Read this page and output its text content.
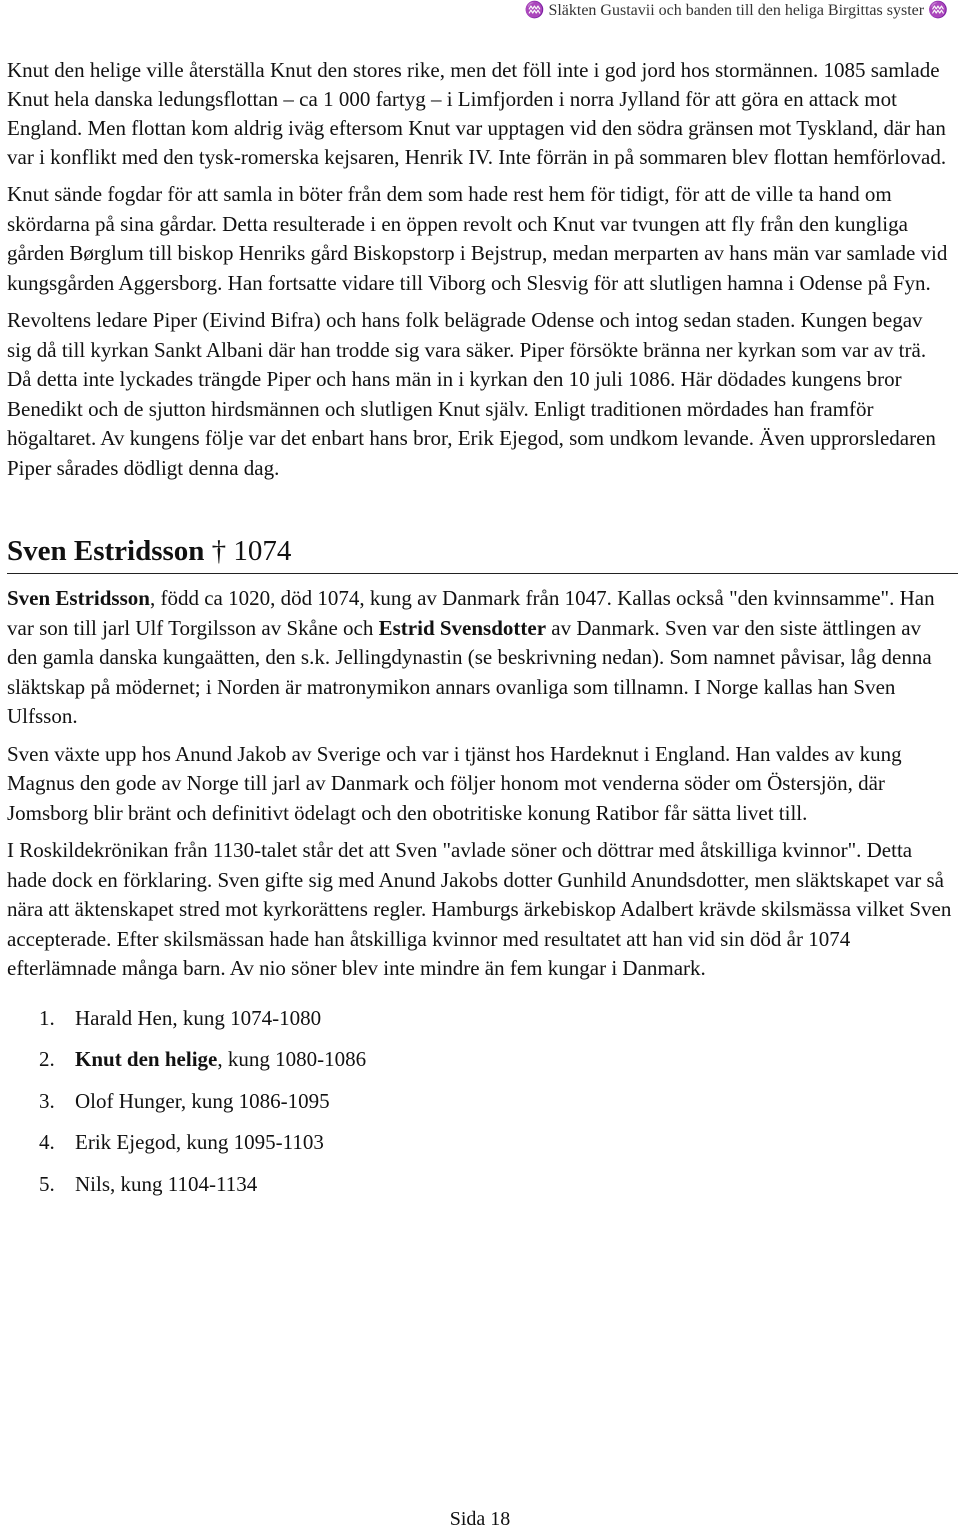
♒ Släkten Gustavii och banden till den heliga Birgittas syster ♒

Knut den helige ville återställa Knut den stores rike, men det föll inte i god jord hos stormännen. 1085 samlade Knut hela danska ledungsflottan – ca 1 000 fartyg – i Limfjorden i norra Jylland för att göra en attack mot England. Men flottan kom aldrig iväg eftersom Knut var upptagen vid den södra gränsen mot Tyskland, där han var i konflikt med den tysk-romerska kejsaren, Henrik IV. Inte förrän in på sommaren blev flottan hemförlovad.

Knut sände fogdar för att samla in böter från dem som hade rest hem för tidigt, för att de ville ta hand om skördarna på sina gårdar. Detta resulterade i en öppen revolt och Knut var tvungen att fly från den kungliga gården Børglum till biskop Henriks gård Biskopstorp i Bejstrup, medan merparten av hans män var samlade vid kungsgården Aggersborg. Han fortsatte vidare till Viborg och Slesvig för att slutligen hamna i Odense på Fyn.

Revoltens ledare Piper (Eivind Bifra) och hans folk belägrade Odense och intog sedan staden. Kungen begav sig då till kyrkan Sankt Albani där han trodde sig vara säker. Piper försökte bränna ner kyrkan som var av trä. Då detta inte lyckades trängde Piper och hans män in i kyrkan den 10 juli 1086. Här dödades kungens bror Benedikt och de sjutton hirdsmännen och slutligen Knut själv. Enligt traditionen mördades han framför högaltaret. Av kungens följe var det enbart hans bror, Erik Ejegod, som undkom levande. Även upprorsledaren Piper sårades dödligt denna dag.

Sven Estridsson † 1074

Sven Estridsson, född ca 1020, död 1074, kung av Danmark från 1047. Kallas också "den kvinnsamme". Han var son till jarl Ulf Torgilsson av Skåne och Estrid Svensdotter av Danmark. Sven var den siste ättlingen av den gamla danska kungaätten, den s.k. Jellingdynastin (se beskrivning nedan). Som namnet påvisar, låg denna släktskap på mödernet; i Norden är matronymikon annars ovanliga som tillnamn. I Norge kallas han Sven Ulfsson.

Sven växte upp hos Anund Jakob av Sverige och var i tjänst hos Hardeknut i England. Han valdes av kung Magnus den gode av Norge till jarl av Danmark och följer honom mot venderna söder om Östersjön, där Jomsborg blir bränt och definitivt ödelagt och den obotritiske konung Ratibor får sätta livet till.

I Roskildekrönikan från 1130-talet står det att Sven "avlade söner och döttrar med åtskilliga kvinnor". Detta hade dock en förklaring. Sven gifte sig med Anund Jakobs dotter Gunhild Anundsdotter, men släktskapet var så nära att äktenskapet stred mot kyrkorättens regler. Hamburgs ärkebiskop Adalbert krävde skilsmässa vilket Sven accepterade. Efter skilsmässan hade han åtskilliga kvinnor med resultatet att han vid sin död år 1074 efterlämnade många barn. Av nio söner blev inte mindre än fem kungar i Danmark.

1. Harald Hen, kung 1074-1080
2. Knut den helige, kung 1080-1086
3. Olof Hunger, kung 1086-1095
4. Erik Ejegod, kung 1095-1103
5. Nils, kung 1104-1134
Sida 18
